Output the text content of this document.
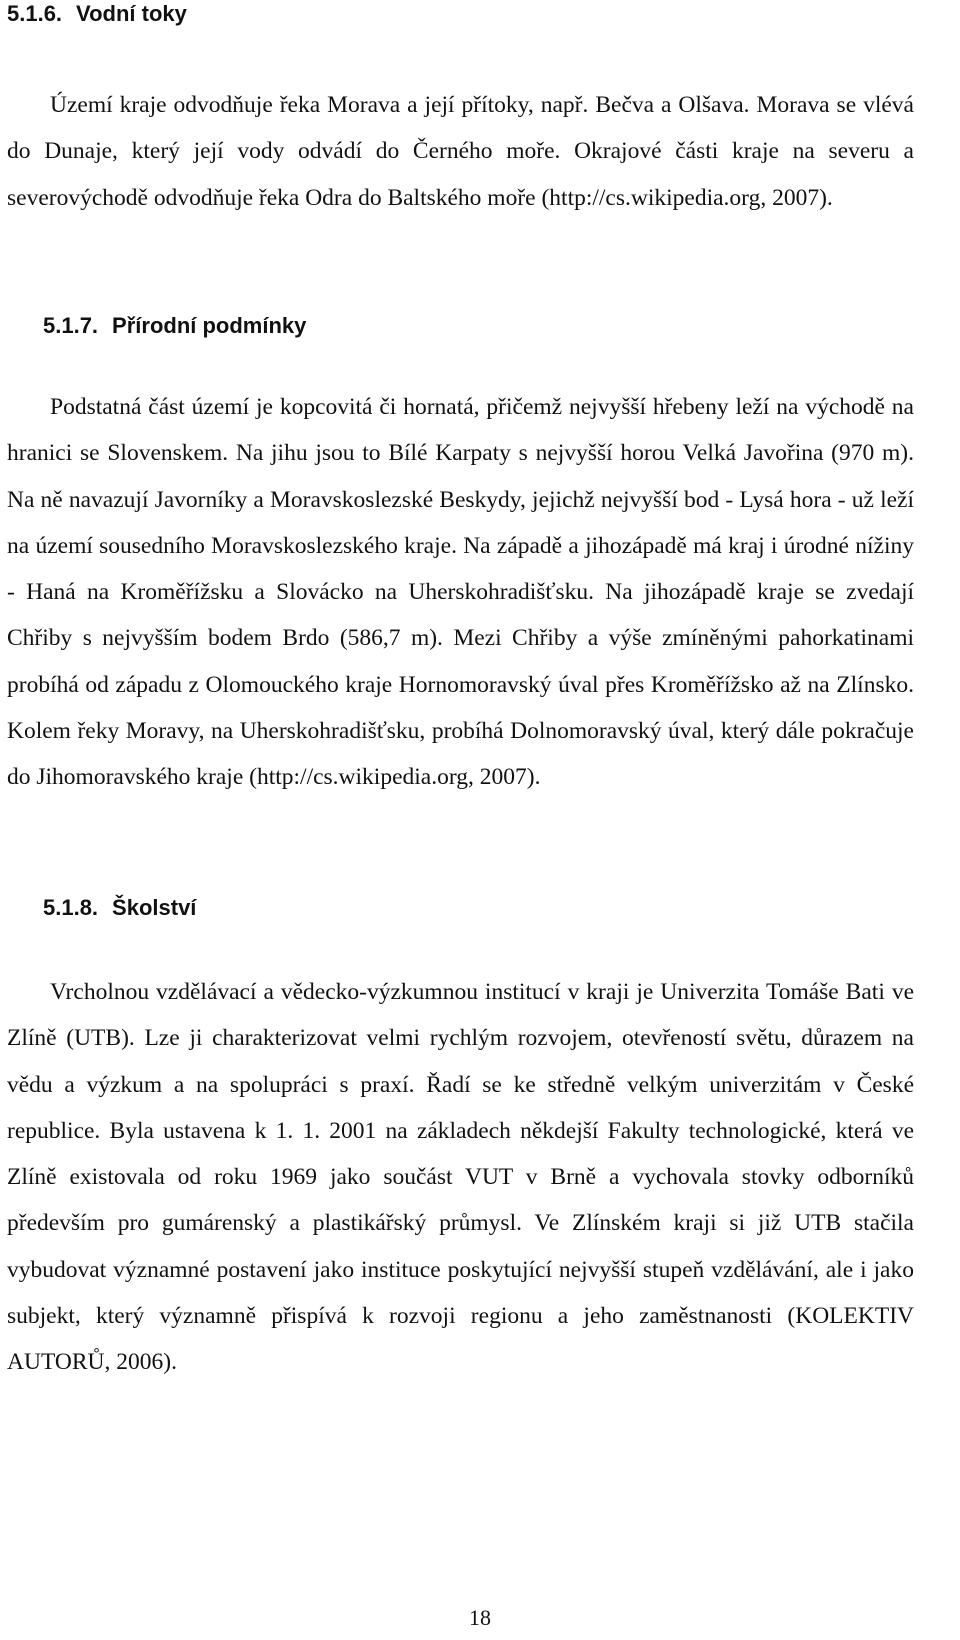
5.1.6. Vodní toky

Území kraje odvodňuje řeka Morava a její přítoky, např. Bečva a Olšava. Morava se vlévá do Dunaje, který její vody odvádí do Černého moře. Okrajové části kraje na severu a severovýchodě odvodňuje řeka Odra do Baltského moře (http://cs.wikipedia.org, 2007).

5.1.7. Přírodní podmínky

Podstatná část území je kopcovitá či hornatá, přičemž nejvyšší hřebeny leží na východě na hranici se Slovenskem. Na jihu jsou to Bílé Karpaty s nejvyšší horou Velká Javořina (970 m). Na ně navazují Javorníky a Moravskoslezské Beskydy, jejichž nejvyšší bod - Lysá hora - už leží na území sousedního Moravskoslezského kraje. Na západě a jihozápadě má kraj i úrodné nížiny - Haná na Kroměřížsku a Slovácko na Uherskohradišťsku. Na jihozápadě kraje se zvedají Chřiby s nejvyšším bodem Brdo (586,7 m). Mezi Chřiby a výše zmíněnými pahorkatinami probíhá od západu z Olomouckého kraje Hornomoravský úval přes Kroměřížsko až na Zlínsko. Kolem řeky Moravy, na Uherskohradišťsku, probíhá Dolnomoravský úval, který dále pokračuje do Jihomoravského kraje (http://cs.wikipedia.org, 2007).

5.1.8. Školství

Vrcholnou vzdělávací a vědecko-výzkumnou institucí v kraji je Univerzita Tomáše Bati ve Zlíně (UTB). Lze ji charakterizovat velmi rychlým rozvojem, otevřeností světu, důrazem na vědu a výzkum a na spolupráci s praxí. Řadí se ke středně velkým univerzitám v České republice. Byla ustavena k 1. 1. 2001 na základech někdejší Fakulty technologické, která ve Zlíně existovala od roku 1969 jako součást VUT v Brně a vychovala stovky odborníků především pro gumárenský a plastikářský průmysl. Ve Zlínském kraji si již UTB stačila vybudovat významné postavení jako instituce poskytující nejvyšší stupeň vzdělávání, ale i jako subjekt, který významně přispívá k rozvoji regionu a jeho zaměstnanosti (KOLEKTIV AUTORŮ, 2006).

18
